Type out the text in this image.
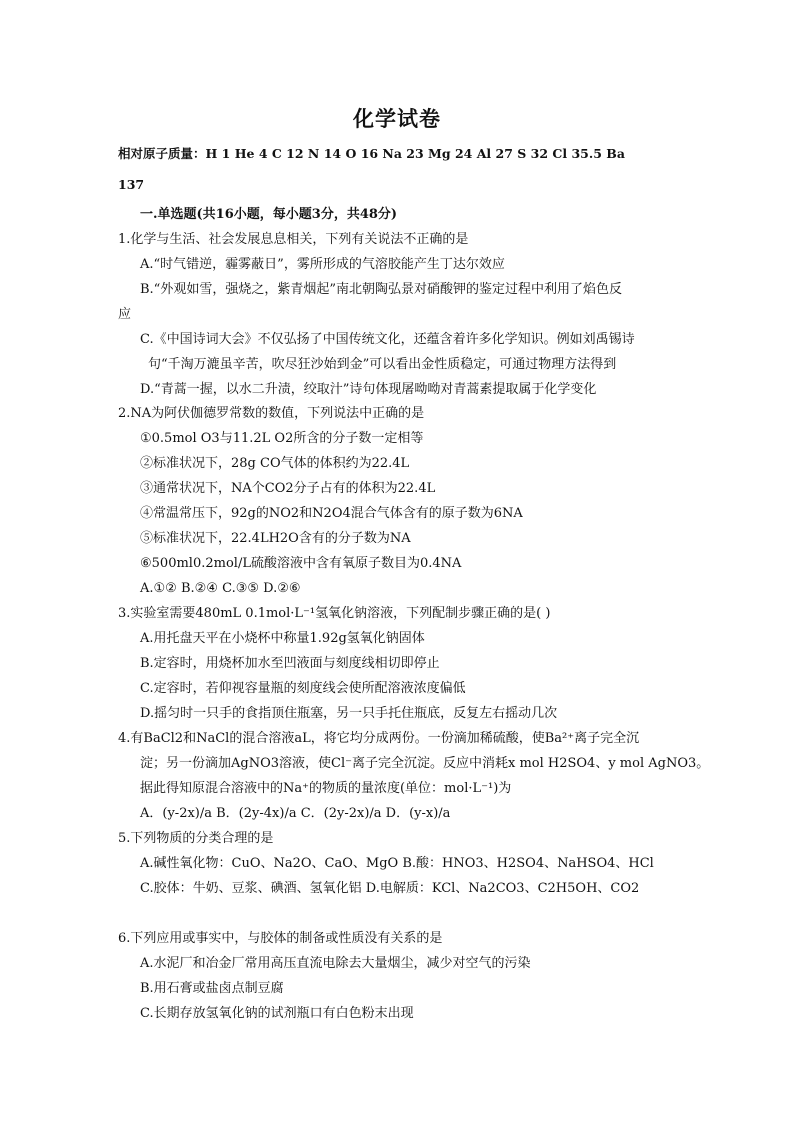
化学试卷
相对原子质量：H 1 He 4 C 12 N 14 O 16 Na 23 Mg 24 Al 27 S 32 Cl 35.5 Ba
137
一.单选题(共16小题，每小题3分，共48分)
1.化学与生活、社会发展息息相关，下列有关说法不正确的是
A.“时气错逆，霾雾蔽日”，雾所形成的气溶胶能产生丁达尔效应
B.“外观如雪，强烧之，紫青烟起”南北朝陶弘景对硝酸钾的鉴定过程中利用了焰色反
应
C.《中国诗词大会》不仅弘扬了中国传统文化，还蕴含着许多化学知识。例如刘禹锡诗
句“千淘万漉虽辛苦，吹尽狂沙始到金”可以看出金性质稳定，可通过物理方法得到
D.“青蒿一握，以水二升渍，绞取汁”诗句体现屠呦呦对青蒿素提取属于化学变化
2.NA为阿伏伽德罗常数的数值，下列说法中正确的是
①0.5mol O3与11.2L O2所含的分子数一定相等
②标准状况下，28g CO气体的体积约为22.4L
③通常状况下，NA个CO2分子占有的体积为22.4L
④常温常压下，92g的NO2和N2O4混合气体含有的原子数为6NA
⑤标准状况下，22.4LH2O含有的分子数为NA
⑥500ml0.2mol/L硫酸溶液中含有氧原子数目为0.4NA
A.①② B.②④ C.③⑤ D.②⑥
3.实验室需要480mL 0.1mol·L⁻¹氢氧化钠溶液，下列配制步骤正确的是( )
A.用托盘天平在小烧杯中称量1.92g氢氧化钠固体
B.定容时，用烧杯加水至凹液面与刻度线相切即停止
C.定容时，若仰视容量瓶的刻度线会使所配溶液浓度偏低
D.摇匀时一只手的食指顶住瓶塞，另一只手托住瓶底，反复左右摇动几次
4.有BaCl2和NaCl的混合溶液aL，将它均分成两份。一份滴加稀硫酸，使Ba²⁺离子完全沉
淀；另一份滴加AgNO3溶液，使Cl⁻离子完全沉淀。反应中消耗x mol H2SO4、y mol AgNO3。
据此得知原混合溶液中的Na⁺的物质的量浓度(单位：mol·L⁻¹)为
A．(y-2x)/a B．(2y-4x)/a C．(2y-2x)/a D．(y-x)/a
5.下列物质的分类合理的是
A.碱性氧化物：CuO、Na2O、CaO、MgO B.酸：HNO3、H2SO4、NaHSO4、HCl
C.胶体：牛奶、豆浆、碘酒、氢氧化铝 D.电解质：KCl、Na2CO3、C2H5OH、CO2
6.下列应用或事实中，与胶体的制备或性质没有关系的是
A.水泥厂和冶金厂常用高压直流电除去大量烟尘，减少对空气的污染
B.用石膏或盐卤点制豆腐
C.长期存放氢氧化钠的试剂瓶口有白色粉末出现
